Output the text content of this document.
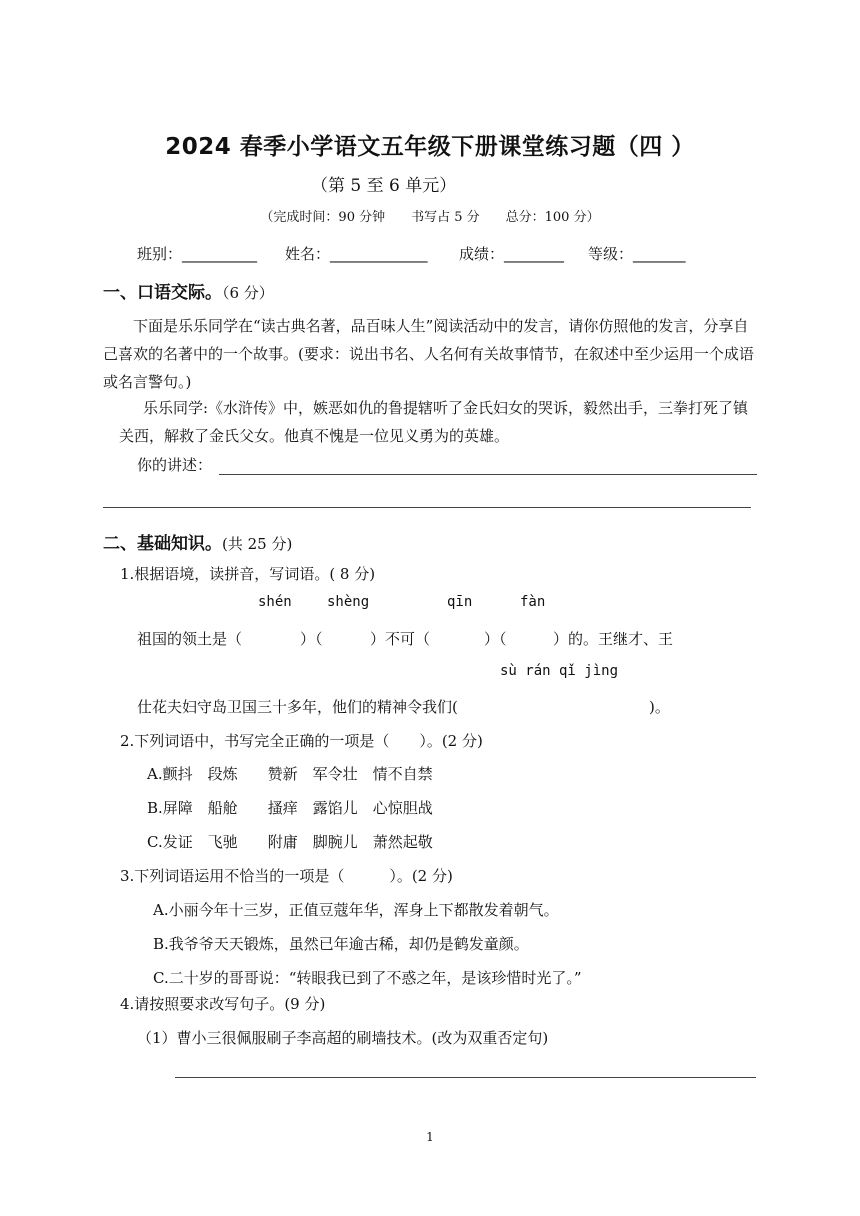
2024 春季小学语文五年级下册课堂练习题（四 ）
（第 5 至 6 单元）
（完成时间：90 分钟　　书写占 5 分　　总分：100 分）
班别：__________ 姓名：_____________ 成绩：________ 等级：_______
一、口语交际。（6 分）
下面是乐乐同学在“读古典名著，品百味人生”阅读活动中的发言，请你仿照他的发言，分享自己喜欢的名著中的一个故事。(要求：说出书名、人名何有关故事情节，在叙述中至少运用一个成语或名言警句。)
乐乐同学:《水浒传》中，嫉恶如仇的鲁提辖听了金氏妇女的哭诉，毅然出手，三拳打死了镇关西，解救了金氏父女。他真不愧是一位见义勇为的英雄。
你的讲述：
二、基础知识。(共 25 分)
1.根据语境，读拼音，写词语。( 8 分)
shén	shèng	qīn	fàn
祖国的领土是（	）（	）不可（	）（	）的。王继才、王
sù rán qǐ jìng
仕花夫妇守岛卫国三十多年，他们的精神令我们(	)。
2.下列词语中，书写完全正确的一项是（　　）。(2 分)
A.颤抖　段炼　　赞新　军令壮　情不自禁
B.屏障　船舱　　搔痒　露馅儿　心惊胆战
C.发证　飞驰　　附庸　脚腕儿　萧然起敬
3.下列词语运用不恰当的一项是（　　　）。(2 分)
A.小丽今年十三岁，正值豆蔻年华，浑身上下都散发着朝气。
B.我爷爷天天锻炼，虽然已年逾古稀，却仍是鹤发童颜。
C.二十岁的哥哥说：“转眼我已到了不惑之年，是该珍惜时光了。”
4.请按照要求改写句子。(9 分)
（1）曹小三很佩服刷子李高超的刷墙技术。(改为双重否定句)
1
